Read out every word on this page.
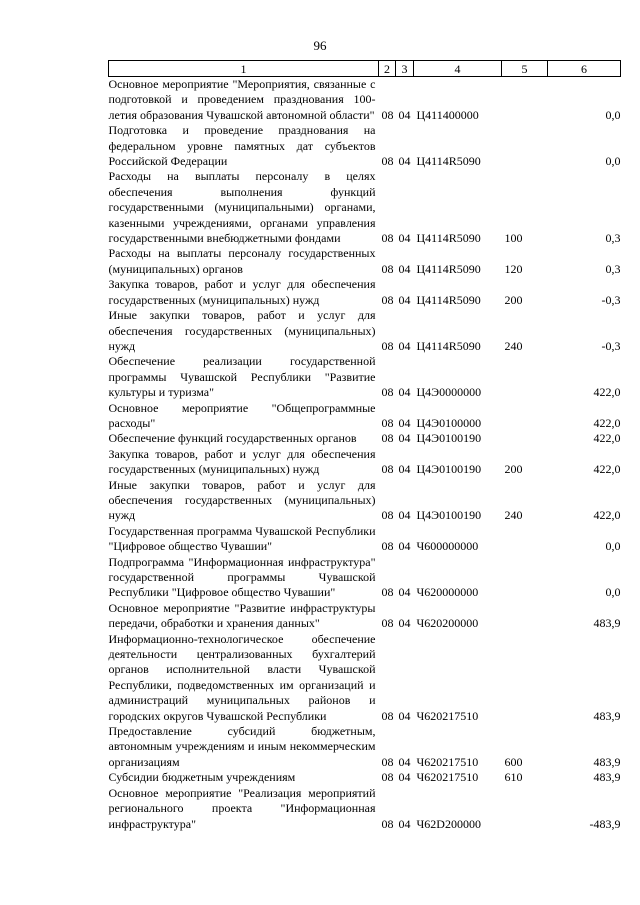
96
1	2	3	4	5	6
Основное мероприятие "Мероприятия, связанные с подготовкой и проведением празднования 100-летия образования Чувашской автономной области"	08	04	Ц411400000		0,0
Подготовка и проведение празднования на федеральном уровне памятных дат субъектов Российской Федерации	08	04	Ц4114R5090		0,0
Расходы на выплаты персоналу в целях обеспечения выполнения функций государственными (муниципальными) органами, казенными учреждениями, органами управления государственными внебюджетными фондами	08	04	Ц4114R5090	100	0,3
Расходы на выплаты персоналу государственных (муниципальных) органов	08	04	Ц4114R5090	120	0,3
Закупка товаров, работ и услуг для обеспечения государственных (муниципальных) нужд	08	04	Ц4114R5090	200	-0,3
Иные закупки товаров, работ и услуг для обеспечения государственных (муниципальных) нужд	08	04	Ц4114R5090	240	-0,3
Обеспечение реализации государственной программы Чувашской Республики "Развитие культуры и туризма"	08	04	Ц4Э0000000		422,0
Основное мероприятие "Общепрограммные расходы"	08	04	Ц4Э0100000		422,0
Обеспечение функций государственных органов	08	04	Ц4Э0100190		422,0
Закупка товаров, работ и услуг для обеспечения государственных (муниципальных) нужд	08	04	Ц4Э0100190	200	422,0
Иные закупки товаров, работ и услуг для обеспечения государственных (муниципальных) нужд	08	04	Ц4Э0100190	240	422,0
Государственная программа Чувашской Республики "Цифровое общество Чувашии"	08	04	Ч600000000		0,0
Подпрограмма "Информационная инфраструктура" государственной программы Чувашской Республики "Цифровое общество Чувашии"	08	04	Ч620000000		0,0
Основное мероприятие "Развитие инфраструктуры передачи, обработки и хранения данных"	08	04	Ч620200000		483,9
Информационно-технологическое обеспечение деятельности централизованных бухгалтерий органов исполнительной власти Чувашской Республики, подведомственных им организаций и администраций муниципальных районов и городских округов Чувашской Республики	08	04	Ч620217510		483,9
Предоставление субсидий бюджетным, автономным учреждениям и иным некоммерческим организациям	08	04	Ч620217510	600	483,9
Субсидии бюджетным учреждениям	08	04	Ч620217510	610	483,9
Основное мероприятие "Реализация мероприятий регионального проекта "Информационная инфраструктура"	08	04	Ч62D200000		-483,9
